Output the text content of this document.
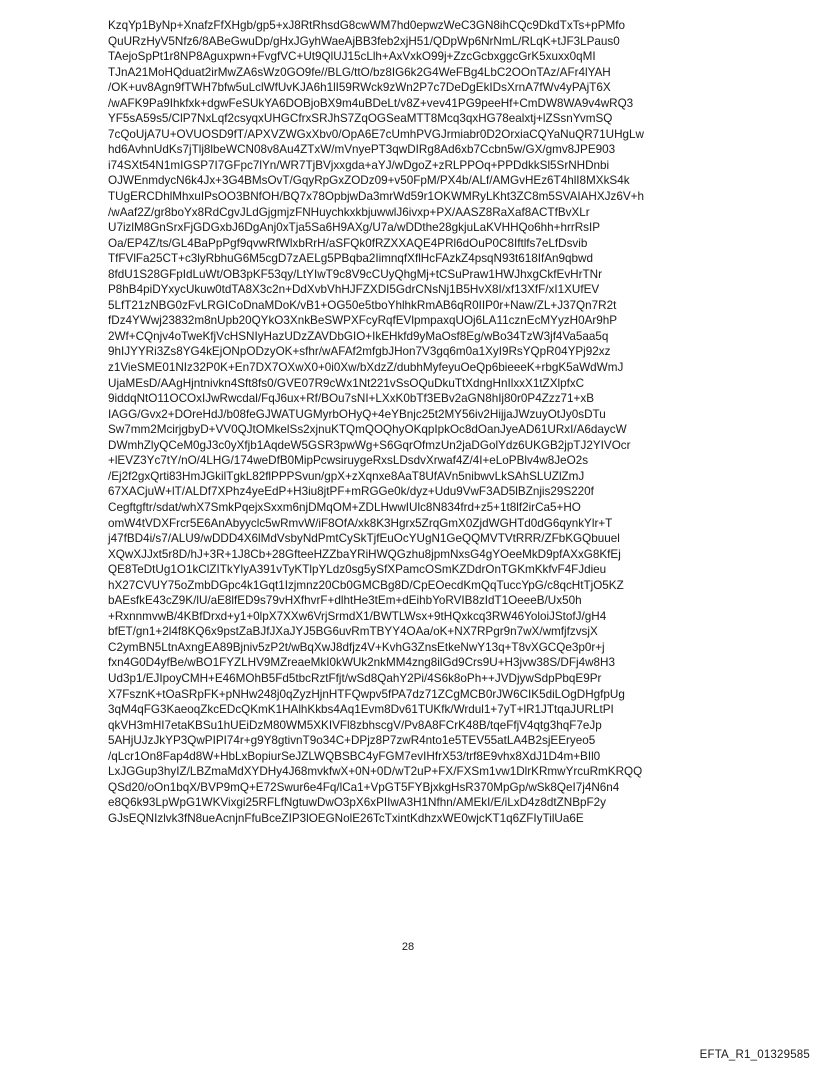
KzqYp1ByNp+XnafzFfXHgb/gp5+xJ8RtRhsdG8cwWM7hd0epwzWeC3GN8ihCQc9DkdTxTs+pPMfo
QuURzHyV5Nfz6/8ABeGwuDp/gHxJGyhWaeAjBB3feb2xjH51/QDpWp6NrNmL/RLqK+tJF3LPaus0
TAejoSpPt1r8NP8Aguxpwn+FvgfVC+Ut9QlUJ15cLlh+AxVxkO99j+ZzcGcbxggcGrK5xuxx0qMI
TJnA21MoHQduat2irMwZA6sWz0GO9fe//BLG/ttO/bz8IG6k2G4WeFBg4LbC2OOnTAz/AFr4lYAH
/OK+uv8Agn9fTWH7bfw5uLclWfUvKJA6h1lI59RWck9zWn2P7c7DeDgEkIDsXrnA7fWv4yPAjT6X
/wAFK9Pa9Ihkfxk+dgwFeSUkYA6DOBjoBX9m4uBDeLt/v8Z+vev41PG9peeHf+CmDW8WA9v4wRQ3
YF5sA59s5/ClP7NxLqf2csyqxUHGCfrxSRJhS7ZqOGSeaMTT8Mcq3qxHG78ealxtj+lZSsnYvmSQ
7cQoUjA7U+OVUOSD9fT/APXVZWGxXbv0/OpA6E7cUmhPVGJrmiabr0D2OrxiaCQYaNuQR71UHgLw
hd6AvhnUdKs7jTlj8lbeWCN08v8Au4ZTxW/mVnyePT3qwDIRg8Ad6xb7Ccbn5w/GX/gmv8JPE903
i74SXt54N1mIGSP7I7GFpc7lYn/WR7TjBVjxxgda+aYJ/wDgoZ+zRLPPOq+PPDdkkSl5SrNHDnbi
OJWEnmdycN6k4Jx+3G4BMsOvT/GqyRpGxZODz09+v50FpM/PX4b/ALf/AMGvHEz6T4hlI8MXkS4k
TUgERCDhlMhxuIPsOO3BNfOH/BQ7x78OpbjwDa3mrWd59r1OKWMRyLKht3ZC8m5SVAIAHXJz6V+h
/wAaf2Z/gr8boYx8RdCgvJLdGjgmjzFNHuychkxkbjuwwlJ6ivxp+PX/AASZ8RaXaf8ACTfBvXLr
U7izlM8GnSrxFjGDGxbJ6DgAnj0xTja5Sa6H9AXg/U7a/wDDthe28gkjuLaKVHHQo6hh+hrrRsIP
Oa/EP4Z/ts/GL4BaPpPgf9qvwRfWlxbRrH/aSFQk0fRZXXAQE4PRl6dOuP0C8Iftlfs7eLfDsvib
TfFVlFa25CT+c3lyRbhuG6M5cgD7zAELg5PBqba2IimnqfXflHcFAzkZ4psqN93t618IfAn9qbwd
8fdU1S28GFpIdLuWt/OB3pKF53qy/LtYIwT9c8V9cCUyQhgMj+tCSuPraw1HWJhxgCkfEvHrTNr
P8hB4piDYxycUkuw0tdTA8X3c2n+DdXvbVhHJFZXDI5GdrCNsNj1B5HvX8I/xf13XfF/xI1XUfEV
5LfT21zNBG0zFvLRGICoDnaMDoK/vB1+OG50e5tboYhlhkRmAB6qR0IIP0r+Naw/ZL+J37Qn7R2t
fDz4YWwj23832m8nUpb20QYkO3XnkBeSWPXFcyRqfEVlpmpaxqUOj6LA11cznEcMYyzH0Ar9hP
2Wf+CQnjv4oTweKfjVcHSNIyHazUDzZAVDbGIO+IkEHkfd9yMaOsf8Eg/wBo34TzW3jf4Va5aa5q
9hIJYYRi3Zs8YG4kEjONpODzyOK+sfhr/wAFAf2mfgbJHon7V3gq6m0a1XyI9RsYQpR04YPj92xz
z1VieSME01NIz32P0K+En7DX7OXwX0+0i0Xw/bXdzZ/dubhMyfeyuOeQp6bieeeK+rbgK5aWdWmJ
UjaMEsD/AAgHjntnivkn4Sft8fs0/GVE07R9cWx1Nt221vSsOQuDkuTtXdngHnIlxxX1tZXlpfxC
9iddqNtO11OCOxIJwRwcdal/FqJ6ux+Rf/BOu7sNI+LXxK0bTf3EBv2aGN8hIj80r0P4Zzz71+xB
IAGG/Gvx2+DOreHdJ/b08feGJWATUGMyrbOHyQ+4eYBnjc25t2MY56iv2HijjaJWzuyOtJy0sDTu
Sw7mm2McirjgbyD+VV0QJtOMkelSs2xjnuKTQmQOQhyOKqpIpkOc8dOanJyeAD61URxI/A6daycW
DWmhZlyQCeM0gJ3c0yXfjb1AqdeW5GSR3pwWg+S6GqrOfmzUn2jaDGolYdz6UKGB2jpTJ2YIVOcr
+lEVZ3Yc7tY/nO/4LHG/174weDfB0MipPcwsiruygeRxsLDsdvXrwaf4Z/4I+eLoPBlv4w8JeO2s
/Ej2f2gxQrti83HmJGkilTgkL82flPPPSvun/gpX+zXqnxe8AaT8UfAVn5nibwvLkSAhSLUZlZmJ
67XACjuW+lT/ALDf7XPhz4yeEdP+H3iu8jtPF+mRGGe0k/dyz+Udu9VwF3AD5lBZnjis29S220f
Cegftgftr/sdat/whX7SmkPqejxSxxm6njDMqOM+ZDLHwwIUlc8N834frd+z5+1t8lf2irCa5+HO
omW4tVDXFrcr5E6AnAbyyclc5wRmvW/iF8OfA/xk8K3Hgrx5ZrqGmX0ZjdWGHTd0dG6qynkYlr+T
j47fBD4i/s7/ALU9/wDDD4X6lMdVsbyNdPmtCySkTjfEuOcYUgN1GeQQMVTVtRRR/ZFbKGQbuuel
XQwXJJxt5r8D/hJ+3R+1J8Cb+28GfteeHZZbaYRiHWQGzhu8jpmNxsG4gYOeeMkD9pfAXxG8KfEj
QE8TeDtUg1O1kClZITkYlyA391vTyKTlpYLdz0sg5ySfXPamcOSmKZDdrOnTGKmKkfvF4FJdieu
hX27CVUY75oZmbDGpc4k1Gqt1Izjmnz20Cb0GMCBg8D/CpEOecdKmQqTuccYpG/c8qcHtTjO5KZ
bAEsfkE43cZ9K/lU/aE8lfED9s79vHXfhvrF+dlhtHe3tEm+dEihbYoRVIB8zIdT1OeeeB/Ux50h
+RxnnmvwB/4KBfDrxd+y1+0lpX7XXw6VrjSrmdX1/BWTLWsx+9tHQxkcq3RW46YoloiJStofJ/gH4
bfET/gn1+2l4f8KQ6x9pstZaBJfJXaJYJ5BG6uvRmTBYY4OAa/oK+NX7RPgr9n7wX/wmfjfzvsjX
C2ymBN5LtnAxngEA89Bjniv5zP2t/wBqXwJ8dfjz4V+KvhG3ZnsEtkeNwY13q+T8vXGCQe3p0r+j
fxn4G0D4yfBe/wBO1FYZLHV9MZreaeMkI0kWUk2nkMM4zng8ilGd9Crs9U+H3jvw38S/DFj4w8H3
Ud3p1/EJIpoyCMH+E46MOhB5Fd5tbcRztFfjt/wSd8QahY2Pi/4S6k8oPh++JVDjywSdpPbqE9Pr
X7FsznK+tOaSRpFK+pNHw248j0qZyzHjnHTFQwpv5fPA7dz71ZCgMCB0rJW6CIK5diLOgDHgfpUg
3qM4qFG3KaeoqZkcEDcQKmK1HAlhKkbs4Aq1Evm8Dv61TUKfk/Wrdul1+7yT+lR1JTtqaJURLtPI
qkVH3mHI7etaKBSu1hUEiDzM80WM5XKIVFl8zbhscgV/Pv8A8FCrK48B/tqeFfjV4qtg3hqF7eJp
5AHjUJzJkYP3QwPIPI74r+g9Y8gtivnT9o34C+DPjz8P7zwR4nto1e5TEV55atLA4B2sjEEryeo5
/qLcr1On8Fap4d8W+HbLxBopiurSeJZLWQBSBC4yFGM7evIHfrX53/trf8E9vhx8XdJ1D4m+BIl0
LxJGGup3hyIZ/LBZmaMdXYDHy4J68mvkfwX+0N+0D/wT2uP+FX/FXSm1vw1DlrKRmwYrcuRmKRQQ
QSd20/oOn1bqX/BVP9mQ+E72Swur6e4Fq/lCa1+VpGT5FYBjxkgHsR370MpGp/wSk8QeI7j4N6n4
e8Q6k93LpWpG1WKVixgi25RFLfNgtuwDwO3pX6xPIIwA3H1Nfhn/AMEkI/E/iLxD4z8dtZNBpF2y
GJsEQNIzlvk3fN8ueAcnjnFfuBceZIP3lOEGNolE26TcTxintKdhzxWE0wjcKT1q6ZFIyTilUa6E
28
EFTA_R1_01329585
